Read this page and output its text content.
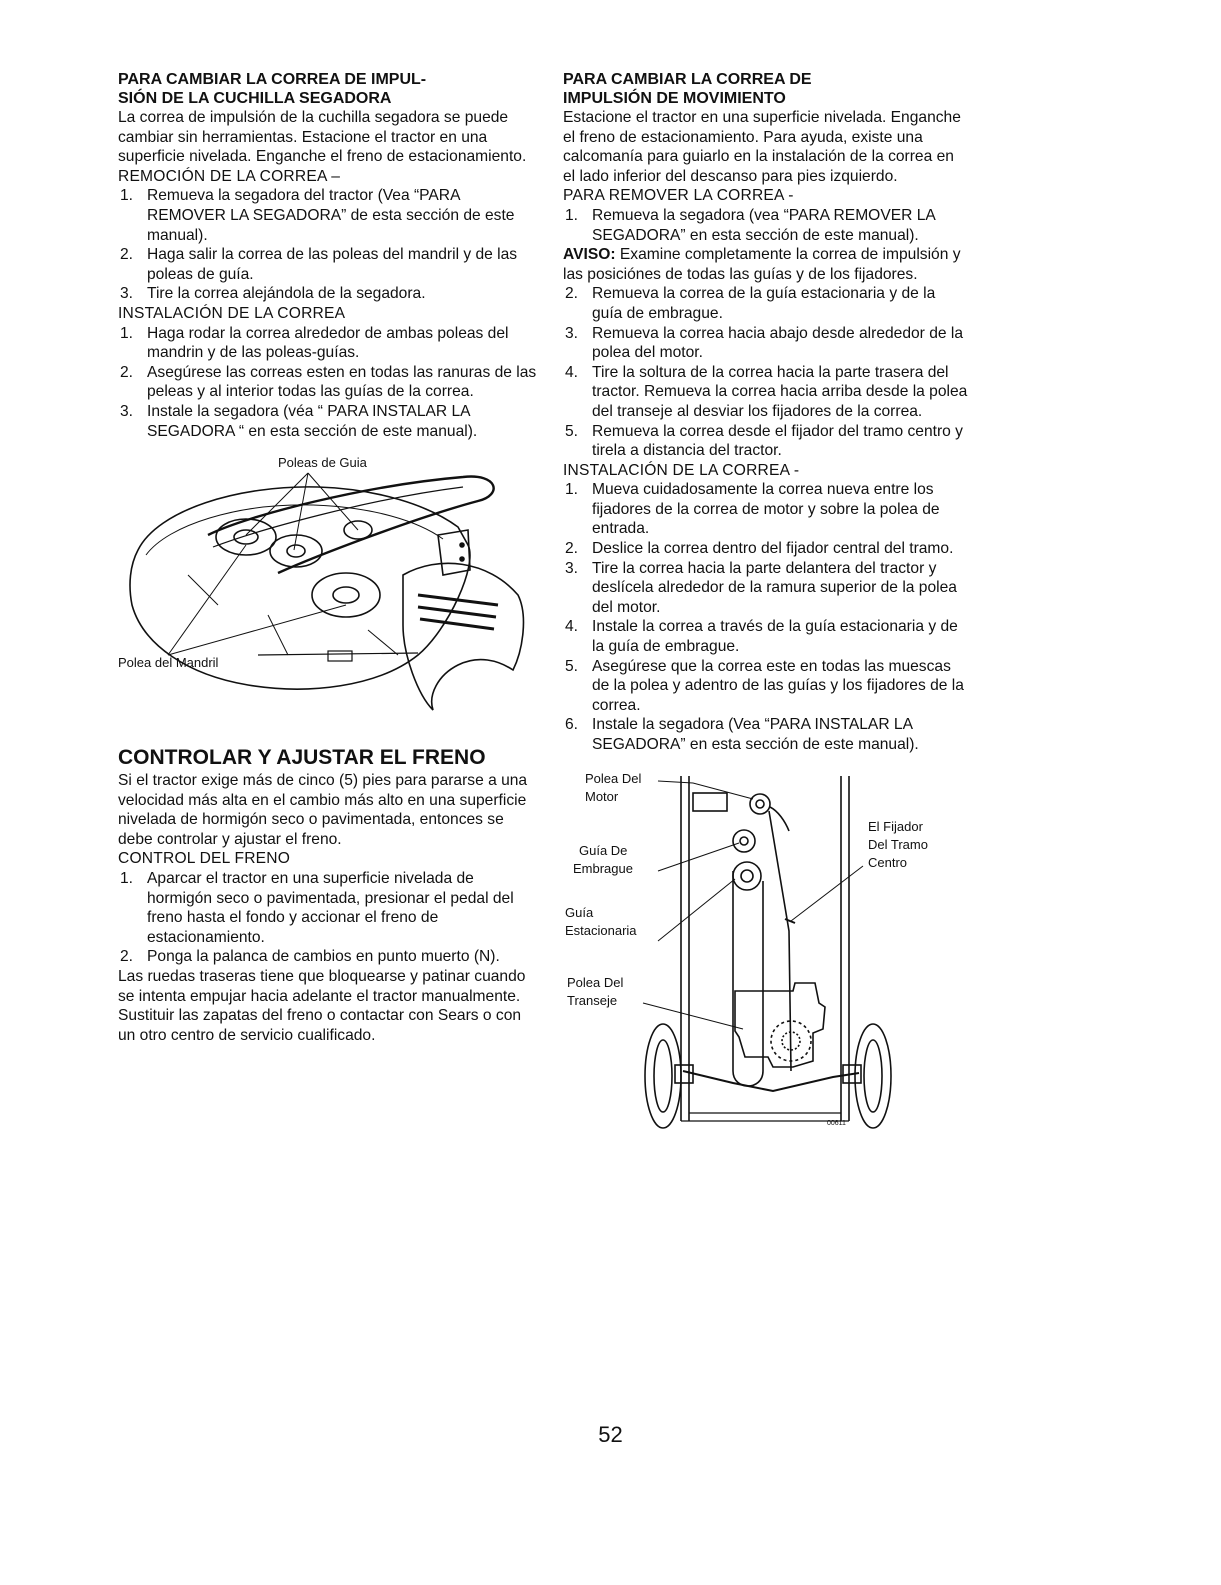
PARA CAMBIAR LA CORREA DE IMPUL-
SIÓN DE LA CUCHILLA SEGADORA

La correa de impulsión de la cuchilla segadora se puede cambiar sin herramientas. Estacione el tractor en una superficie nivelada. Enganche el freno de estacionamiento.

REMOCIÓN DE LA CORREA –
1. Remueva la segadora del tractor (Vea “PARA REMOVER LA SEGADORA” de esta sección de este manual).
2. Haga salir la correa de las poleas del mandril y de las poleas de guía.
3. Tire la correa alejándola de la segadora.
INSTALACIÓN DE LA CORREA
1. Haga rodar la correa alrededor de ambas poleas del mandrin y de las poleas-guías.
2. Asegúrese las correas esten en todas las ranuras de las peleas y al interior todas las guías de la correa.
3. Instale la segadora (véa “ PARA INSTALAR LA SEGADORA “ en esta sección de este manual).
Poleas de Guia
Polea del Mandril
CONTROLAR Y AJUSTAR EL FRENO

Si el tractor exige más de cinco (5) pies para pararse a una velocidad más alta en el cambio más alto en una superficie nivelada de hormigón seco o pavimentada, entonces se debe controlar y ajustar el freno.

CONTROL DEL FRENO
1. Aparcar el tractor en una superficie nivelada de hormigón seco o pavimentada, presionar el pedal del freno hasta el fondo y accionar el freno de estacionamiento.
2. Ponga la palanca de cambios en punto muerto (N).

Las ruedas traseras tiene que bloquearse y patinar cuando se intenta empujar hacia adelante el tractor manualmente. Sustituir las zapatas del freno o contactar con Sears o con un otro centro de servicio cualificado.

PARA CAMBIAR LA CORREA DE
IMPULSIÓN DE MOVIMIENTO

Estacione el tractor en una superficie nivelada. Enganche el freno de estacionamiento. Para ayuda, existe una calcomanía para guiarlo en la instalación de la correa en el lado inferior del descanso para pies izquierdo.

PARA REMOVER LA CORREA -
1. Remueva la segadora (vea “PARA REMOVER LA SEGADORA” en esta sección de este manual).

AVISO: Examine completamente la correa de impulsión y las posiciónes de todas las guías y de los fijadores.

2. Remueva la correa de la guía estacionaria y de la guía de embrague.
3. Remueva la correa hacia abajo desde alrededor de la polea del motor.
4. Tire la soltura de la correa hacia la parte trasera del tractor. Remueva la correa hacia arriba desde la polea del transeje al desviar los fijadores de la correa.
5. Remueva la correa desde el fijador del tramo centro y tirela a distancia del tractor.
INSTALACIÓN DE LA CORREA -
1. Mueva cuidadosamente la correa nueva entre los fijadores de la correa de motor y sobre la polea de entrada.
2. Deslice la correa dentro del fijador central del tramo.
3. Tire la correa hacia la parte delantera del tractor y deslícela alrededor de la ramura superior de la polea del motor.
4. Instale la correa a través de la guía estacionaria y de la guía de embrague.
5. Asegúrese que la correa este en todas las muescas de la polea y adentro de las guías y los fijadores de la correa.
6. Instale la segadora (Vea “PARA INSTALAR LA SEGADORA” en esta sección de este manual).
Polea Del
Motor
Guía De
Embrague
Guía
Estacionaria
Polea Del
Transeje
El Fijador
Del Tramo
Centro
00611
52
